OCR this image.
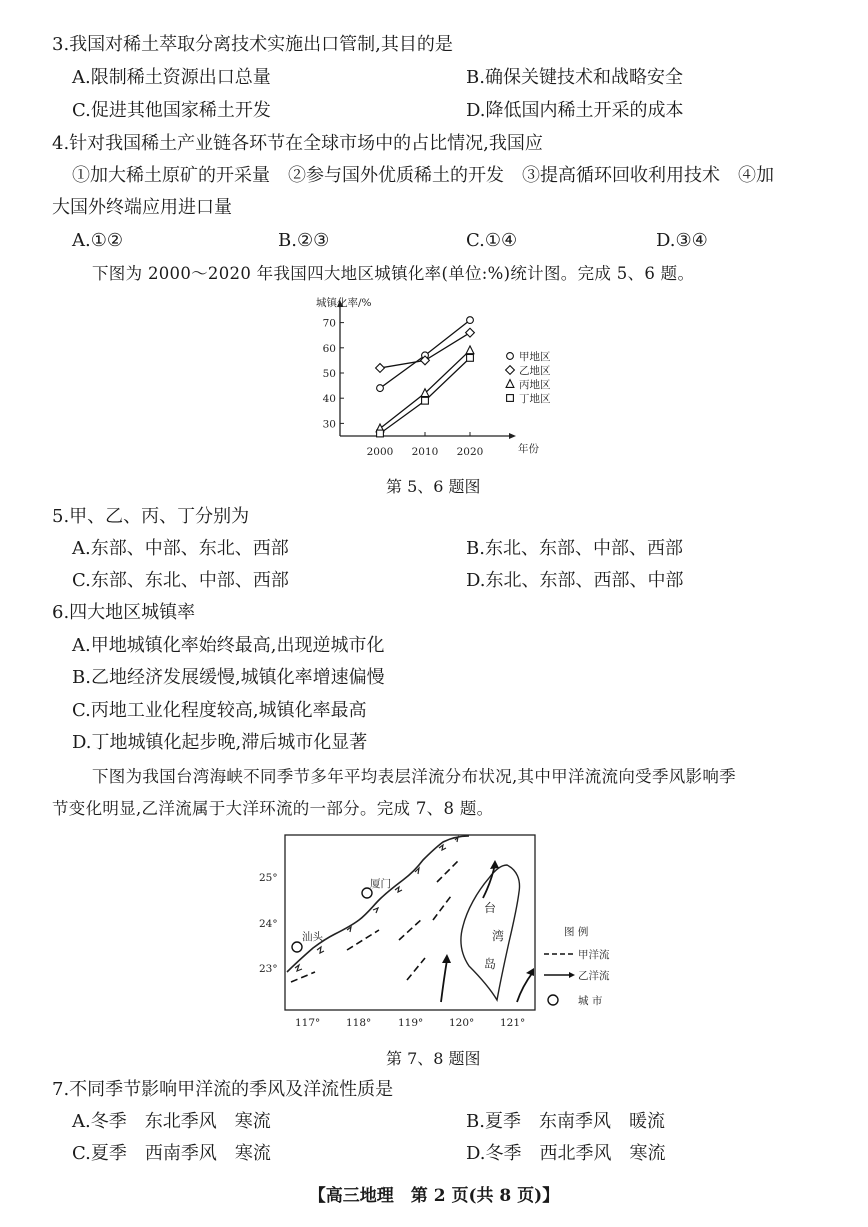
3.我国对稀土萃取分离技术实施出口管制,其目的是
A.限制稀土资源出口总量	B.确保关键技术和战略安全
C.促进其他国家稀土开发	D.降低国内稀土开采的成本
4.针对我国稀土产业链各环节在全球市场中的占比情况,我国应
①加大稀土原矿的开采量　②参与国外优质稀土的开发　③提高循环回收利用技术　④加
大国外终端应用进口量
A.①②	B.②③	C.①④	D.③④
下图为 2000～2020 年我国四大地区城镇化率(单位:%)统计图。完成 5、6 题。
城镇化率/%
年份
30
40
50
60
70
2000 2010 2020
甲地区
乙地区
丙地区
丁地区
第 5、6 题图
5.甲、乙、丙、丁分别为
A.东部、中部、东北、西部	B.东北、东部、中部、西部
C.东部、东北、中部、西部	D.东北、东部、西部、中部
6.四大地区城镇率
A.甲地城镇化率始终最高,出现逆城市化
B.乙地经济发展缓慢,城镇化率增速偏慢
C.丙地工业化程度较高,城镇化率最高
D.丁地城镇化起步晚,滞后城市化显著
下图为我国台湾海峡不同季节多年平均表层洋流分布状况,其中甲洋流流向受季风影响季
节变化明显,乙洋流属于大洋环流的一部分。完成 7、8 题。
台
湾
岛
厦门
汕头
25°
24°
23°
117° 118°	119° 120° 121°
图 例
甲洋流
乙洋流
城 市
第 7、8 题图
7.不同季节影响甲洋流的季风及洋流性质是
A.冬季　东北季风　寒流	B.夏季　东南季风　暖流
C.夏季　西南季风　寒流	D.冬季　西北季风　寒流
【高三地理　第 2 页(共 8 页)】
